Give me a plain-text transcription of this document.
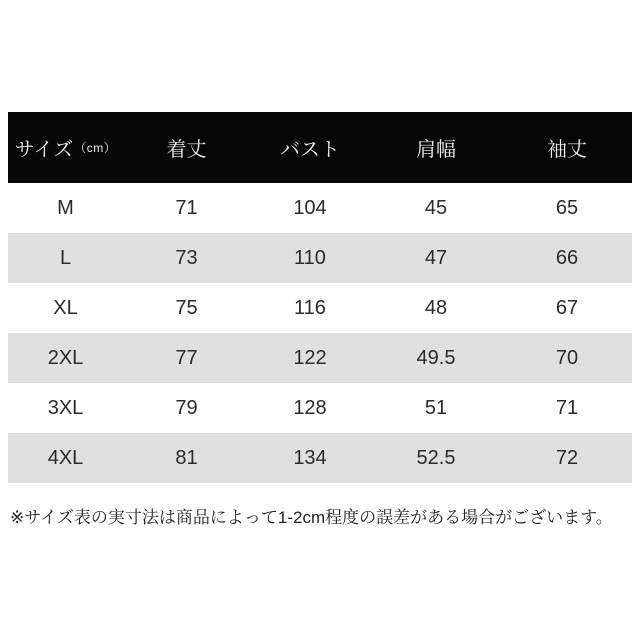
サイズ （cm）	着丈	バスト	肩幅	袖丈
M	71	104	45	65
L	73	110	47	66
XL	75	116	48	67
2XL	77	122	49.5	70
3XL	79	128	51	71
4XL	81	134	52.5	72
※サイズ表の実寸法は商品によって1-2cm程度の誤差がある場合がございます。
